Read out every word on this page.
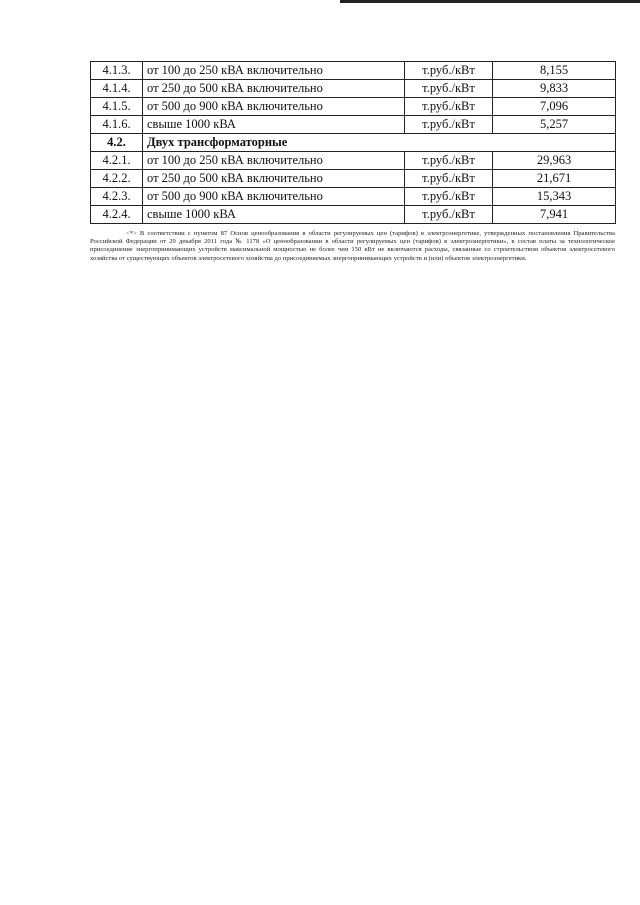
4.1.3.	от 100 до 250 кВА включительно	т.руб./кВт	8,155
4.1.4.	от 250 до 500 кВА включительно	т.руб./кВт	9,833
4.1.5.	от 500 до 900 кВА включительно	т.руб./кВт	7,096
4.1.6.	свыше 1000 кВА	т.руб./кВт	5,257
4.2.	Двух трансформаторные		
4.2.1.	от 100 до 250 кВА включительно	т.руб./кВт	29,963
4.2.2.	от 250 до 500 кВА включительно	т.руб./кВт	21,671
4.2.3.	от 500 до 900 кВА включительно	т.руб./кВт	15,343
4.2.4.	свыше 1000 кВА	т.руб./кВт	7,941

<*> В соответствии с пунктом 87 Основ ценообразования в области регулируемых цен (тарифов) в электроэнергетике, утвержденных постановления Правительства Российской Федерации от 29 декабря 2011 года № 1178 «О ценообразовании в области регулируемых цен (тарифов) в электроэнергетики», в состав платы за технологическое присоединение энергопринимающих устройств максимальной мощностью не более чем 150 кВт не включаются расходы, связанные со строительством объектов электросетевого хозяйства от существующих объектов электросетевого хозяйства до присоединяемых энергопринимающих устройств и (или) объектов электроэнергетики.
